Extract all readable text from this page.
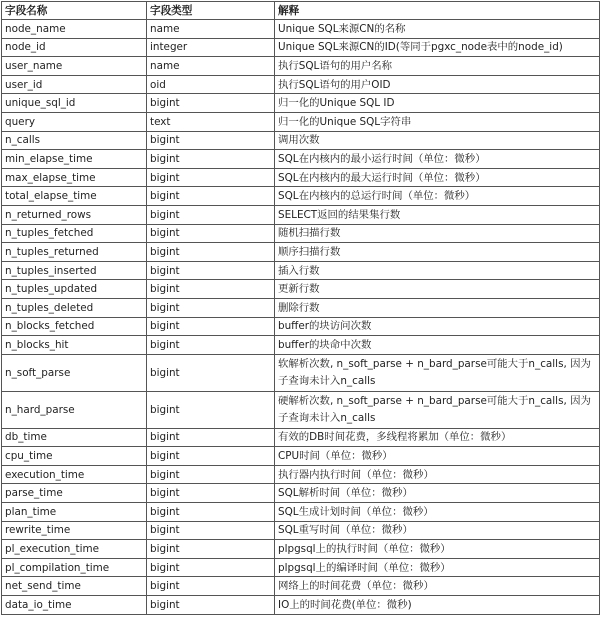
字段名称	字段类型	解释
node_name	name	Unique SQL来源CN的名称
node_id	integer	Unique SQL来源CN的ID(等同于pgxc_node表中的node_id)
user_name	name	执行SQL语句的用户名称
user_id	oid	执行SQL语句的用户OID
unique_sql_id	bigint	归一化的Unique SQL ID
query	text	归一化的Unique SQL字符串
n_calls	bigint	调用次数
min_elapse_time	bigint	SQL在内核内的最小运行时间（单位：微秒）
max_elapse_time	bigint	SQL在内核内的最大运行时间（单位：微秒）
total_elapse_time	bigint	SQL在内核内的总运行时间（单位：微秒）
n_returned_rows	bigint	SELECT返回的结果集行数
n_tuples_fetched	bigint	随机扫描行数
n_tuples_returned	bigint	顺序扫描行数
n_tuples_inserted	bigint	插入行数
n_tuples_updated	bigint	更新行数
n_tuples_deleted	bigint	删除行数
n_blocks_fetched	bigint	buffer的块访问次数
n_blocks_hit	bigint	buffer的块命中次数
n_soft_parse	bigint	软解析次数, n_soft_parse + n_bard_parse可能大于n_calls, 因为子查询未计入n_calls
n_hard_parse	bigint	硬解析次数, n_soft_parse + n_bard_parse可能大于n_calls, 因为子查询未计入n_calls
db_time	bigint	有效的DB时间花费，多线程将累加（单位：微秒）
cpu_time	bigint	CPU时间（单位：微秒）
execution_time	bigint	执行器内执行时间（单位：微秒）
parse_time	bigint	SQL解析时间（单位：微秒）
plan_time	bigint	SQL生成计划时间（单位：微秒）
rewrite_time	bigint	SQL重写时间（单位：微秒）
pl_execution_time	bigint	plpgsql上的执行时间（单位：微秒）
pl_compilation_time	bigint	plpgsql上的编译时间（单位：微秒）
net_send_time	bigint	网络上的时间花费（单位：微秒）
data_io_time	bigint	IO上的时间花费(单位：微秒)
